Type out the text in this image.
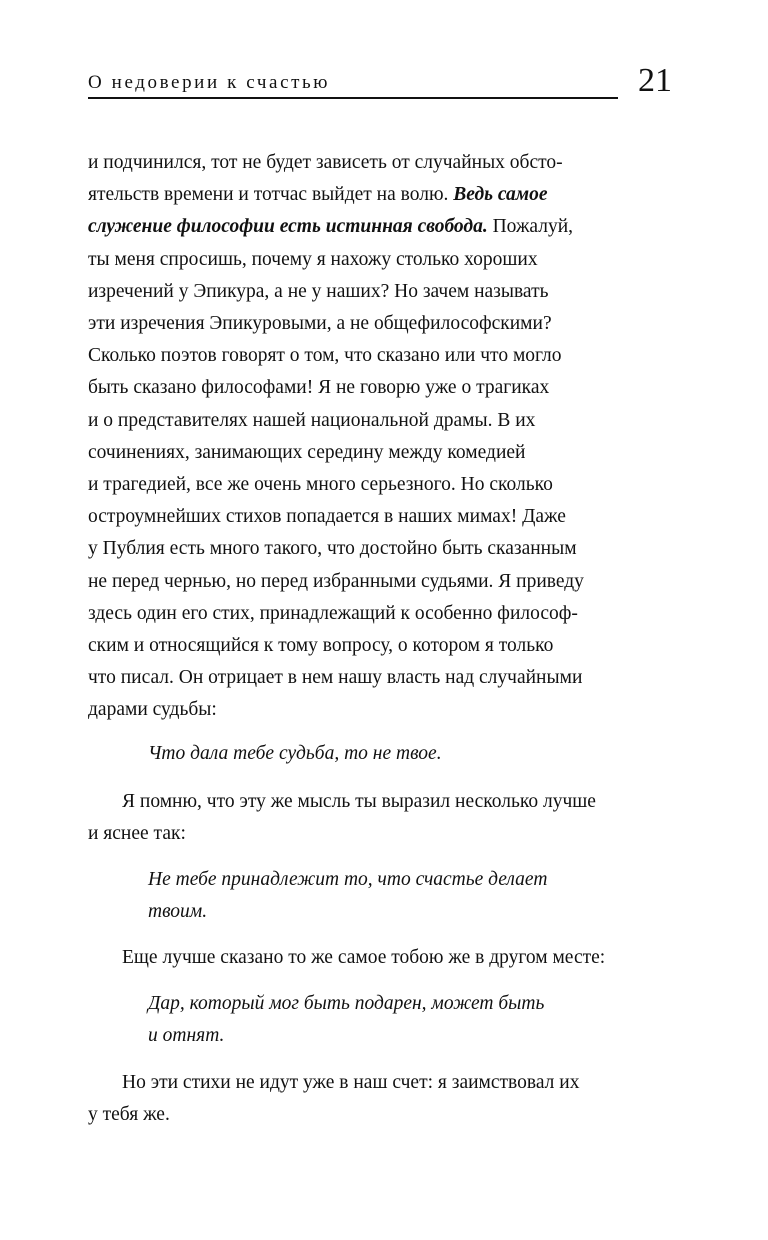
О недоверии к счастью	21
и подчинился, тот не будет зависеть от случайных обсто-
ятельств времени и тотчас выйдет на волю. Ведь самое
служение философии есть истинная свобода. Пожалуй,
ты меня спросишь, почему я нахожу столько хороших
изречений у Эпикура, а не у наших? Но зачем называть
эти изречения Эпикуровыми, а не общефилософскими?
Сколько поэтов говорят о том, что сказано или что могло
быть сказано философами! Я не говорю уже о трагиках
и о представителях нашей национальной драмы. В их
сочинениях, занимающих середину между комедией
и трагедией, все же очень много серьезного. Но сколько
остроумнейших стихов попадается в наших мимах! Даже
у Публия есть много такого, что достойно быть сказанным
не перед чернью, но перед избранными судьями. Я приведу
здесь один его стих, принадлежащий к особенно философ-
ским и относящийся к тому вопросу, о котором я только
что писал. Он отрицает в нем нашу власть над случайными
дарами судьбы:
Что дала тебе судьба, то не твое.
Я помню, что эту же мысль ты выразил несколько лучше
и яснее так:
Не тебе принадлежит то, что счастье делает
твоим.
Еще лучше сказано то же самое тобою же в другом месте:
Дар, который мог быть подарен, может быть
и отнят.
Но эти стихи не идут уже в наш счет: я заимствовал их
у тебя же.
